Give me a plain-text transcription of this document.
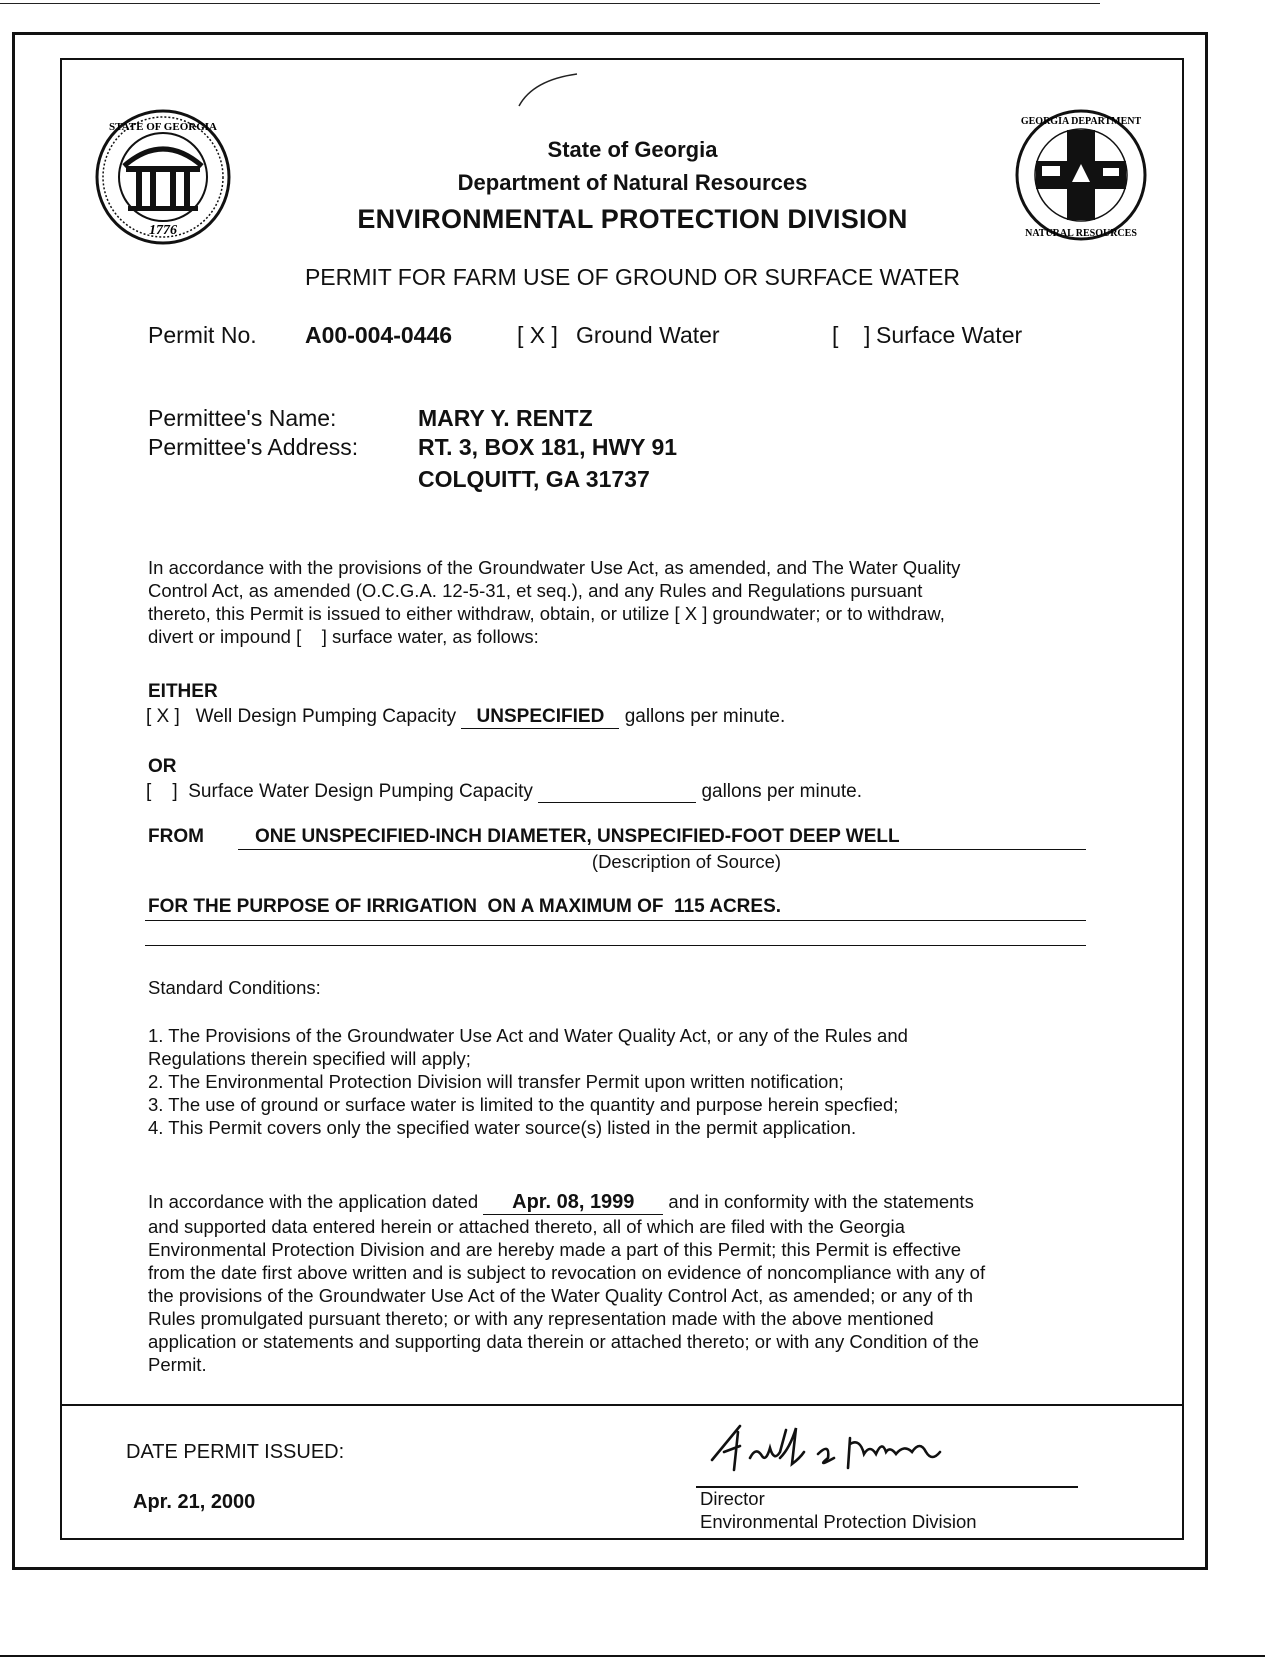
1776
STATE OF GEORGIA	GEORGIA DEPARTMENT
NATURAL RESOURCES
State of Georgia
Department of Natural Resources
ENVIRONMENTAL PROTECTION DIVISION
PERMIT FOR FARM USE OF GROUND OR SURFACE WATER
Permit No. A00-004-0446	[ X ] Ground Water	[    ] Surface Water
Permittee's Name:	MARY Y. RENTZ
Permittee's Address:	RT. 3, BOX 181, HWY 91
COLQUITT, GA 31737
In accordance with the provisions of the Groundwater Use Act, as amended, and The Water Quality
Control Act, as amended (O.C.G.A. 12-5-31, et seq.), and any Rules and Regulations pursuant
thereto, this Permit is issued to either withdraw, obtain, or utilize [ X ] groundwater; or to withdraw,
divert or impound [    ] surface water, as follows:
EITHER
[ X ] Well Design Pumping Capacity UNSPECIFIED gallons per minute.
OR
[    ] Surface Water Design Pumping Capacity	gallons per minute.
FROM	ONE UNSPECIFIED-INCH DIAMETER, UNSPECIFIED-FOOT DEEP WELL
(Description of Source)
FOR THE PURPOSE OF IRRIGATION  ON A MAXIMUM OF  115 ACRES.
Standard Conditions:
1. The Provisions of the Groundwater Use Act and Water Quality Act, or any of the Rules and
Regulations therein specified will apply;
2. The Environmental Protection Division will transfer Permit upon written notification;
3. The use of ground or surface water is limited to the quantity and purpose herein specfied;
4. This Permit covers only the specified water source(s) listed in the permit application.
In accordance with the application dated Apr. 08, 1999 and in conformity with the statements
and supported data entered herein or attached thereto, all of which are filed with the Georgia
Environmental Protection Division and are hereby made a part of this Permit; this Permit is effective
from the date first above written and is subject to revocation on evidence of noncompliance with any of
the provisions of the Groundwater Use Act of the Water Quality Control Act, as amended; or any of th
Rules promulgated pursuant thereto; or with any representation made with the above mentioned
application or statements and supporting data therein or attached thereto; or with any Condition of the
Permit.
DATE PERMIT ISSUED:
Apr. 21, 2000	Director
Environmental Protection Division
